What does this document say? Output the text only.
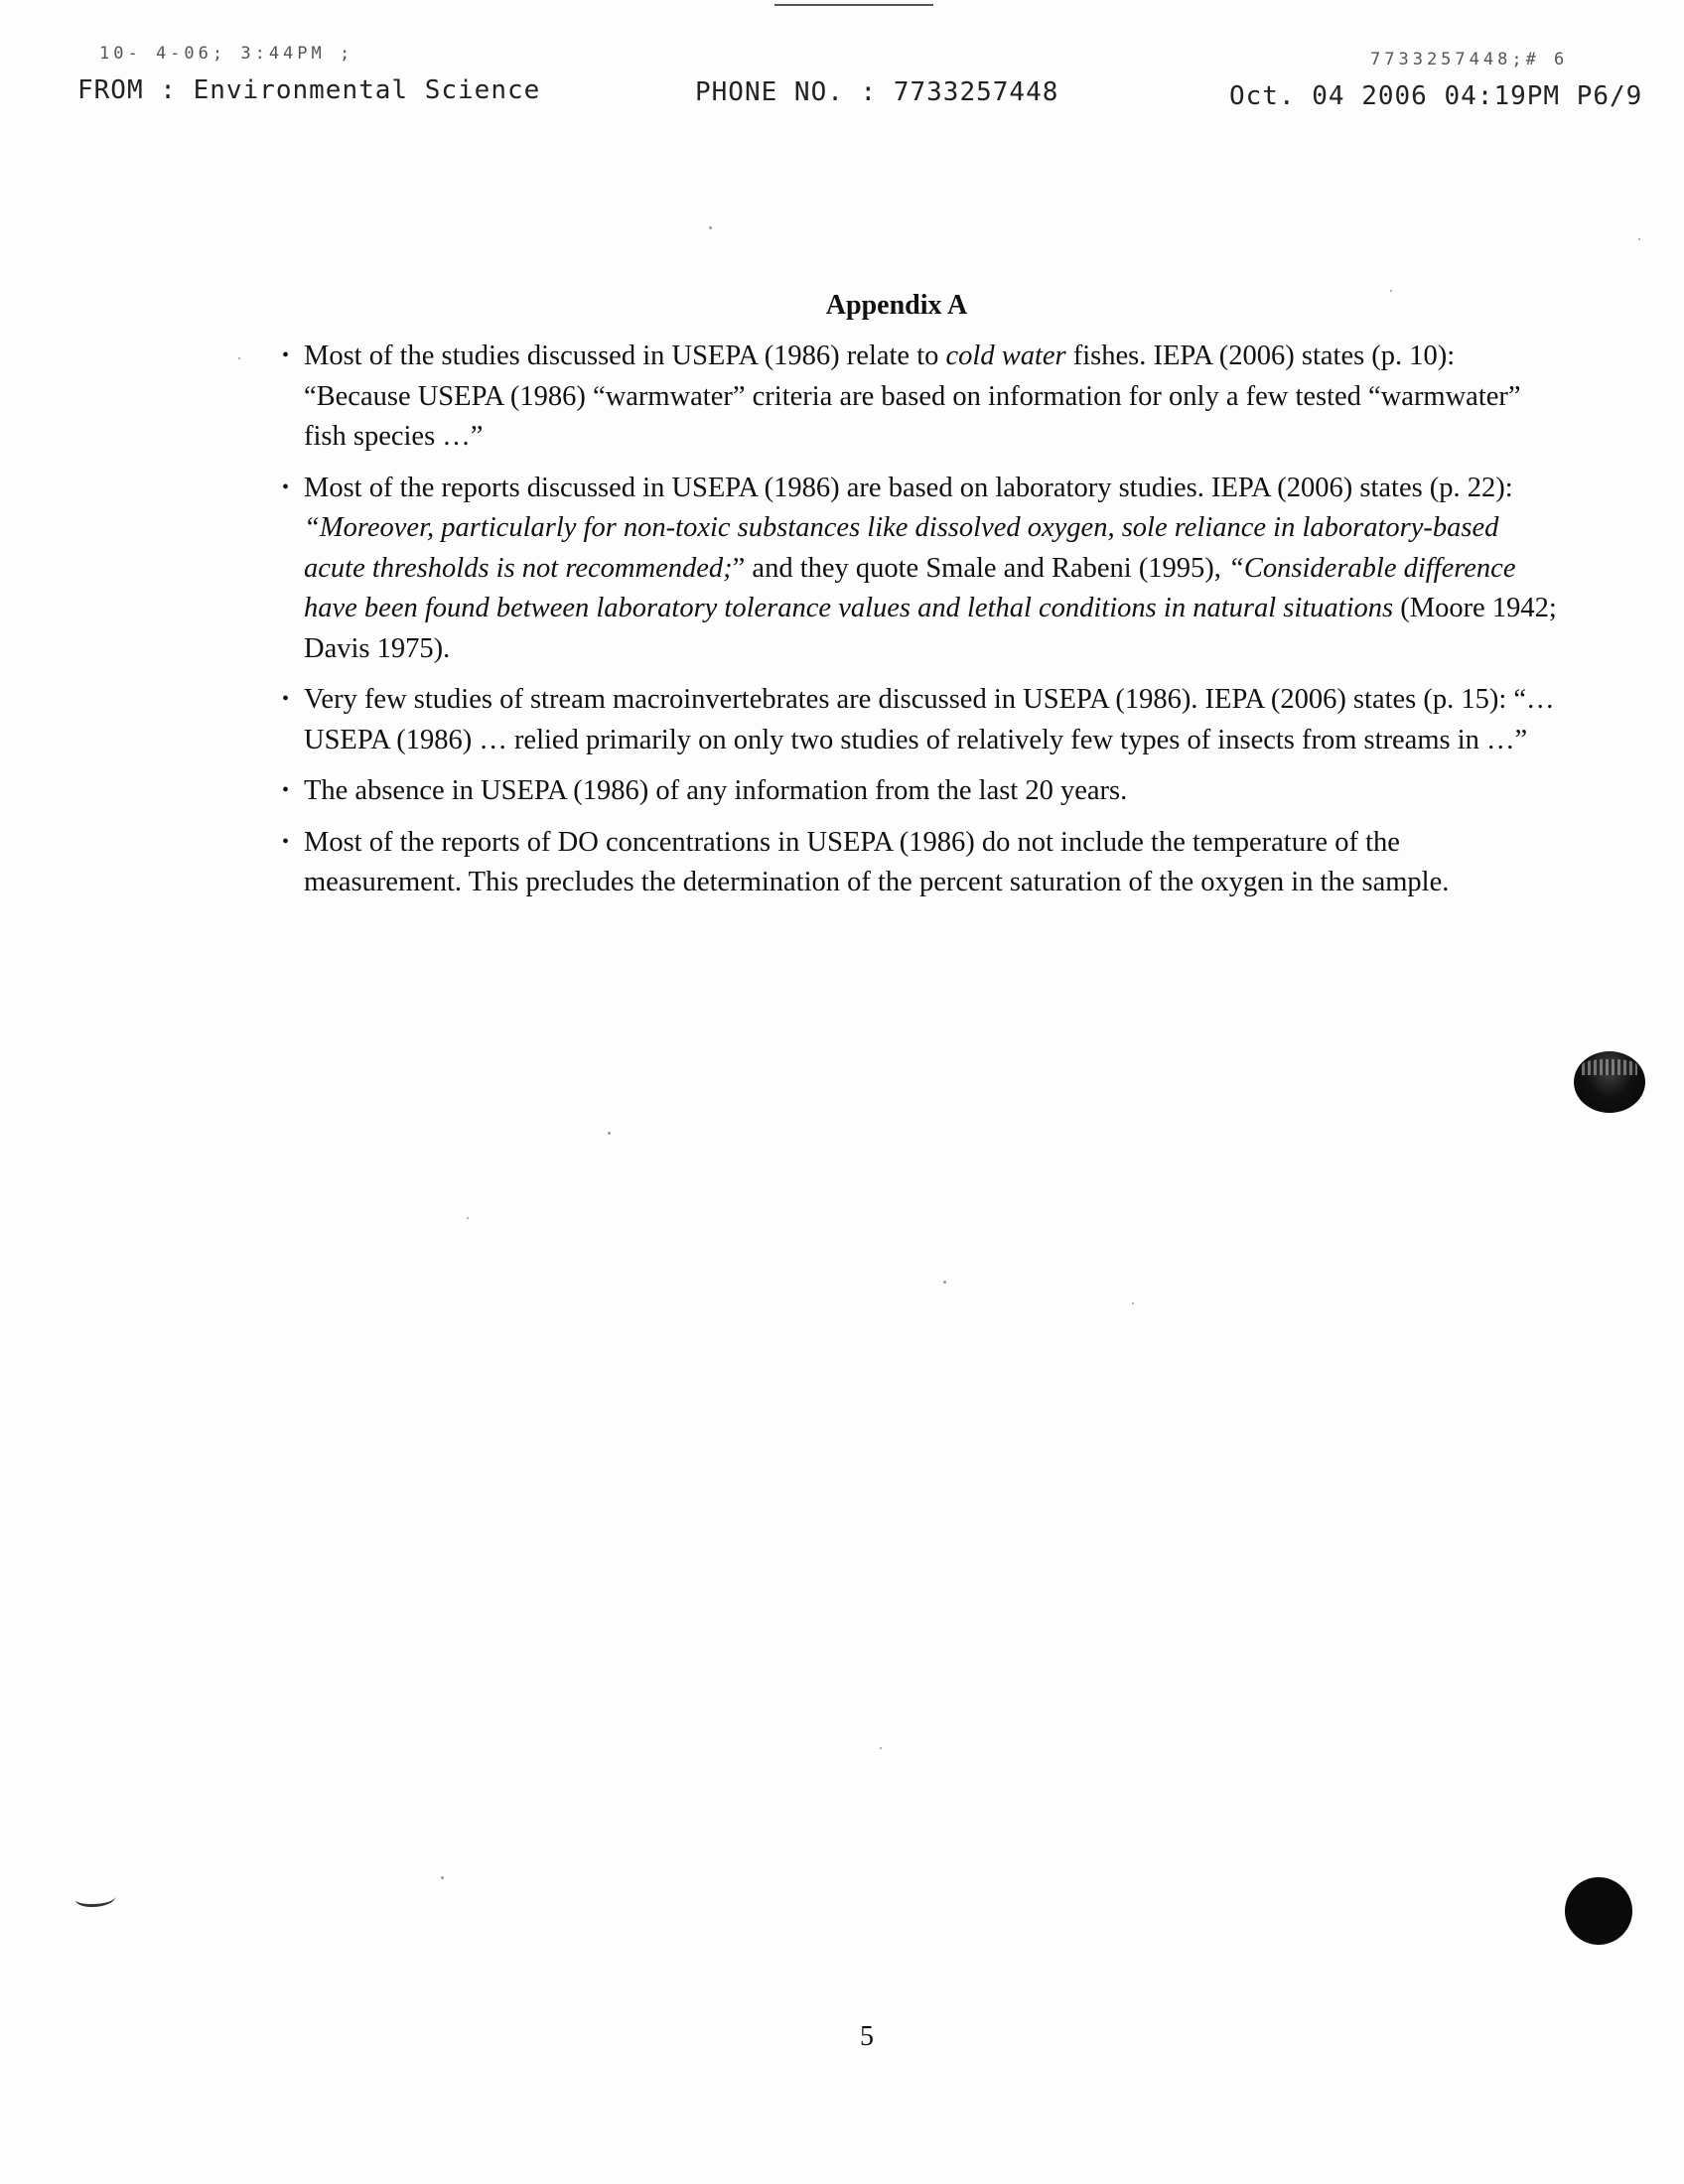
10- 4-06; 3:44PM ;	7733257448;# 6
FROM : Environmental Science	PHONE NO. : 7733257448	Oct. 04 2006 04:19PM P6/9
Appendix A
• Most of the studies discussed in USEPA (1986) relate to cold water fishes. IEPA (2006) states (p. 10): “Because USEPA (1986) “warmwater” criteria are based on information for only a few tested “warmwater” fish species …”
• Most of the reports discussed in USEPA (1986) are based on laboratory studies. IEPA (2006) states (p. 22): “Moreover, particularly for non-toxic substances like dissolved oxygen, sole reliance in laboratory-based acute thresholds is not recommended;” and they quote Smale and Rabeni (1995), “Considerable difference have been found between laboratory tolerance values and lethal conditions in natural situations (Moore 1942; Davis 1975).
• Very few studies of stream macroinvertebrates are discussed in USEPA (1986). IEPA (2006) states (p. 15): “…USEPA (1986) … relied primarily on only two studies of relatively few types of insects from streams in …”
• The absence in USEPA (1986) of any information from the last 20 years.
• Most of the reports of DO concentrations in USEPA (1986) do not include the temperature of the measurement. This precludes the determination of the percent saturation of the oxygen in the sample.
5
